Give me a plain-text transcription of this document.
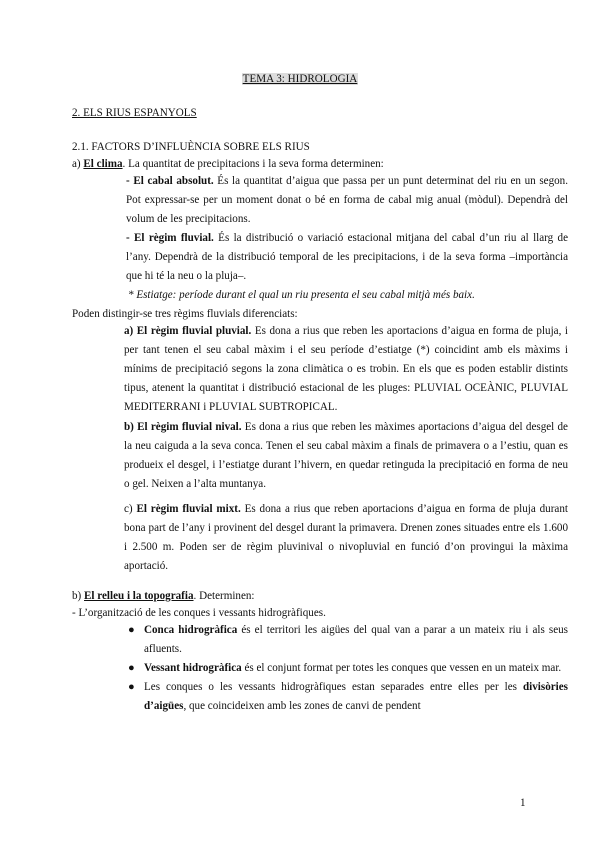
TEMA 3: HIDROLOGIA
2. ELS RIUS ESPANYOLS
2.1. FACTORS D’INFLUÈNCIA SOBRE ELS RIUS
a) El clima. La quantitat de precipitacions i la seva forma determinen:

- El cabal absolut. És la quantitat d’aigua que passa per un punt determinat del riu en un segon. Pot expressar-se per un moment donat o bé en forma de cabal mig anual (mòdul). Dependrà del volum de les precipitacions.

- El règim fluvial. És la distribució o variació estacional mitjana del cabal d’un riu al llarg de l’any. Dependrà de la distribució temporal de les precipitacions, i de la seva forma –importància que hi té la neu o la pluja–.

* Estiatge: període durant el qual un riu presenta el seu cabal mitjà més baix.

Poden distingir-se tres règims fluvials diferenciats:

a) El règim fluvial pluvial. Es dona a rius que reben les aportacions d’aigua en forma de pluja, i per tant tenen el seu cabal màxim i el seu període d’estiatge (*) coincidint amb els màxims i mínims de precipitació segons la zona climàtica o es trobin. En els que es poden establir distints tipus, atenent la quantitat i distribució estacional de les pluges: PLUVIAL OCEÀNIC, PLUVIAL MEDITERRANI i PLUVIAL SUBTROPICAL.

b) El règim fluvial nival. Es dona a rius que reben les màximes aportacions d’aigua del desgel de la neu caiguda a la seva conca. Tenen el seu cabal màxim a finals de primavera o a l’estiu, quan es produeix el desgel, i l’estiatge durant l’hivern, en quedar retinguda la precipitació en forma de neu o gel. Neixen a l’alta muntanya.

c) El règim fluvial mixt. Es dona a rius que reben aportacions d’aigua en forma de pluja durant bona part de l’any i provinent del desgel durant la primavera. Drenen zones situades entre els 1.600 i 2.500 m. Poden ser de règim pluvinival o nivopluvial en funció d’on provingui la màxima aportació.

b) El relleu i la topografia. Determinen:
- L’organització de les conques i vessants hidrogràfiques.
● Conca hidrogràfica és el territori les aigües del qual van a parar a un mateix riu i als seus afluents.
● Vessant hidrogràfica és el conjunt format per totes les conques que vessen en un mateix mar.
● Les conques o les vessants hidrogràfiques estan separades entre elles per les divisòries d’aigües, que coincideixen amb les zones de canvi de pendent
1
